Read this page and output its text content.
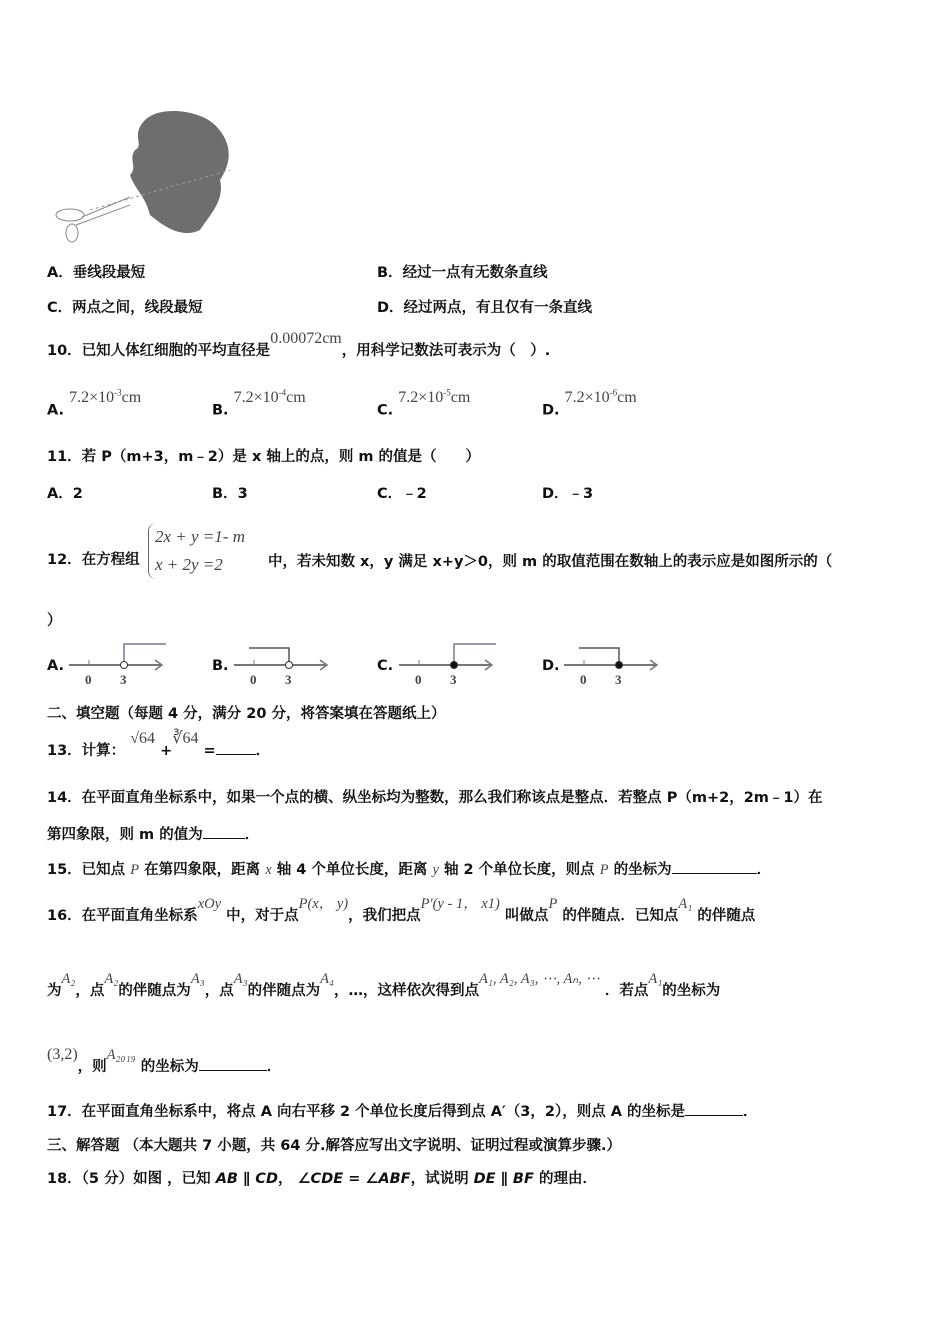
A．垂线段最短	B．经过一点有无数条直线
C．两点之间，线段最短	D．经过两点，有且仅有一条直线
10．已知人体红细胞的平均直径是0.00072cm，用科学记数法可表示为（　）.
A. $7.2\times 10^{-3}cm$
B. $7.2\times 10^{-4}cm$
C. $7.2\times 10^{-5}cm$
D. $7.2\times 10^{-6}cm$
11．若 P（m+3，m﹣2）是 x 轴上的点，则 m 的值是（　　）
A．2	B．3	C．﹣2	D．﹣3
12．在方程组
2x + y =1- m
x + 2y =2	中，若未知数 x，y 满足 x+y＞0，则 m 的取值范围在数轴上的表示应是如图所示的（
）
A.
0 3
B.
0 3
C.
0 3
D.
0 3
二、填空题（每题 4 分，满分 20 分，将答案填在答题纸上）
13．计算： √64 +∛64 =	．
14．在平面直角坐标系中，如果一个点的横、纵坐标均为整数，那么我们称该点是整点．若整点 P（m+2，2m﹣1）在
第四象限，则 m 的值为	．
15．已知点 P 在第四象限，距离 x 轴 4 个单位长度，距离 y 轴 2 个单位长度，则点 P 的坐标为	．
16．在平面直角坐标系xOy 中，对于点P(x， y)，我们把点P′(y - 1， x1) 叫做点P 的伴随点．已知点A₁ 的伴随点
为A₂，点A₂的伴随点为A₃，点A₃的伴随点为A₄，…，这样依次得到点A₁, A₂, A₃, ⋯, Aₙ, ⋯ ．若点A₁的坐标为
(3,2)，则A₂₀₁₉ 的坐标为	．
17．在平面直角坐标系中，将点 A 向右平移 2 个单位长度后得到点 A′（3，2），则点 A 的坐标是	．
三、解答题 （本大题共 7 小题，共 64 分.解答应写出文字说明、证明过程或演算步骤.）
18．（5 分）如图 ，已知 AB ∥ CD， ∠CDE = ∠ABF，试说明 DE ∥ BF 的理由．
